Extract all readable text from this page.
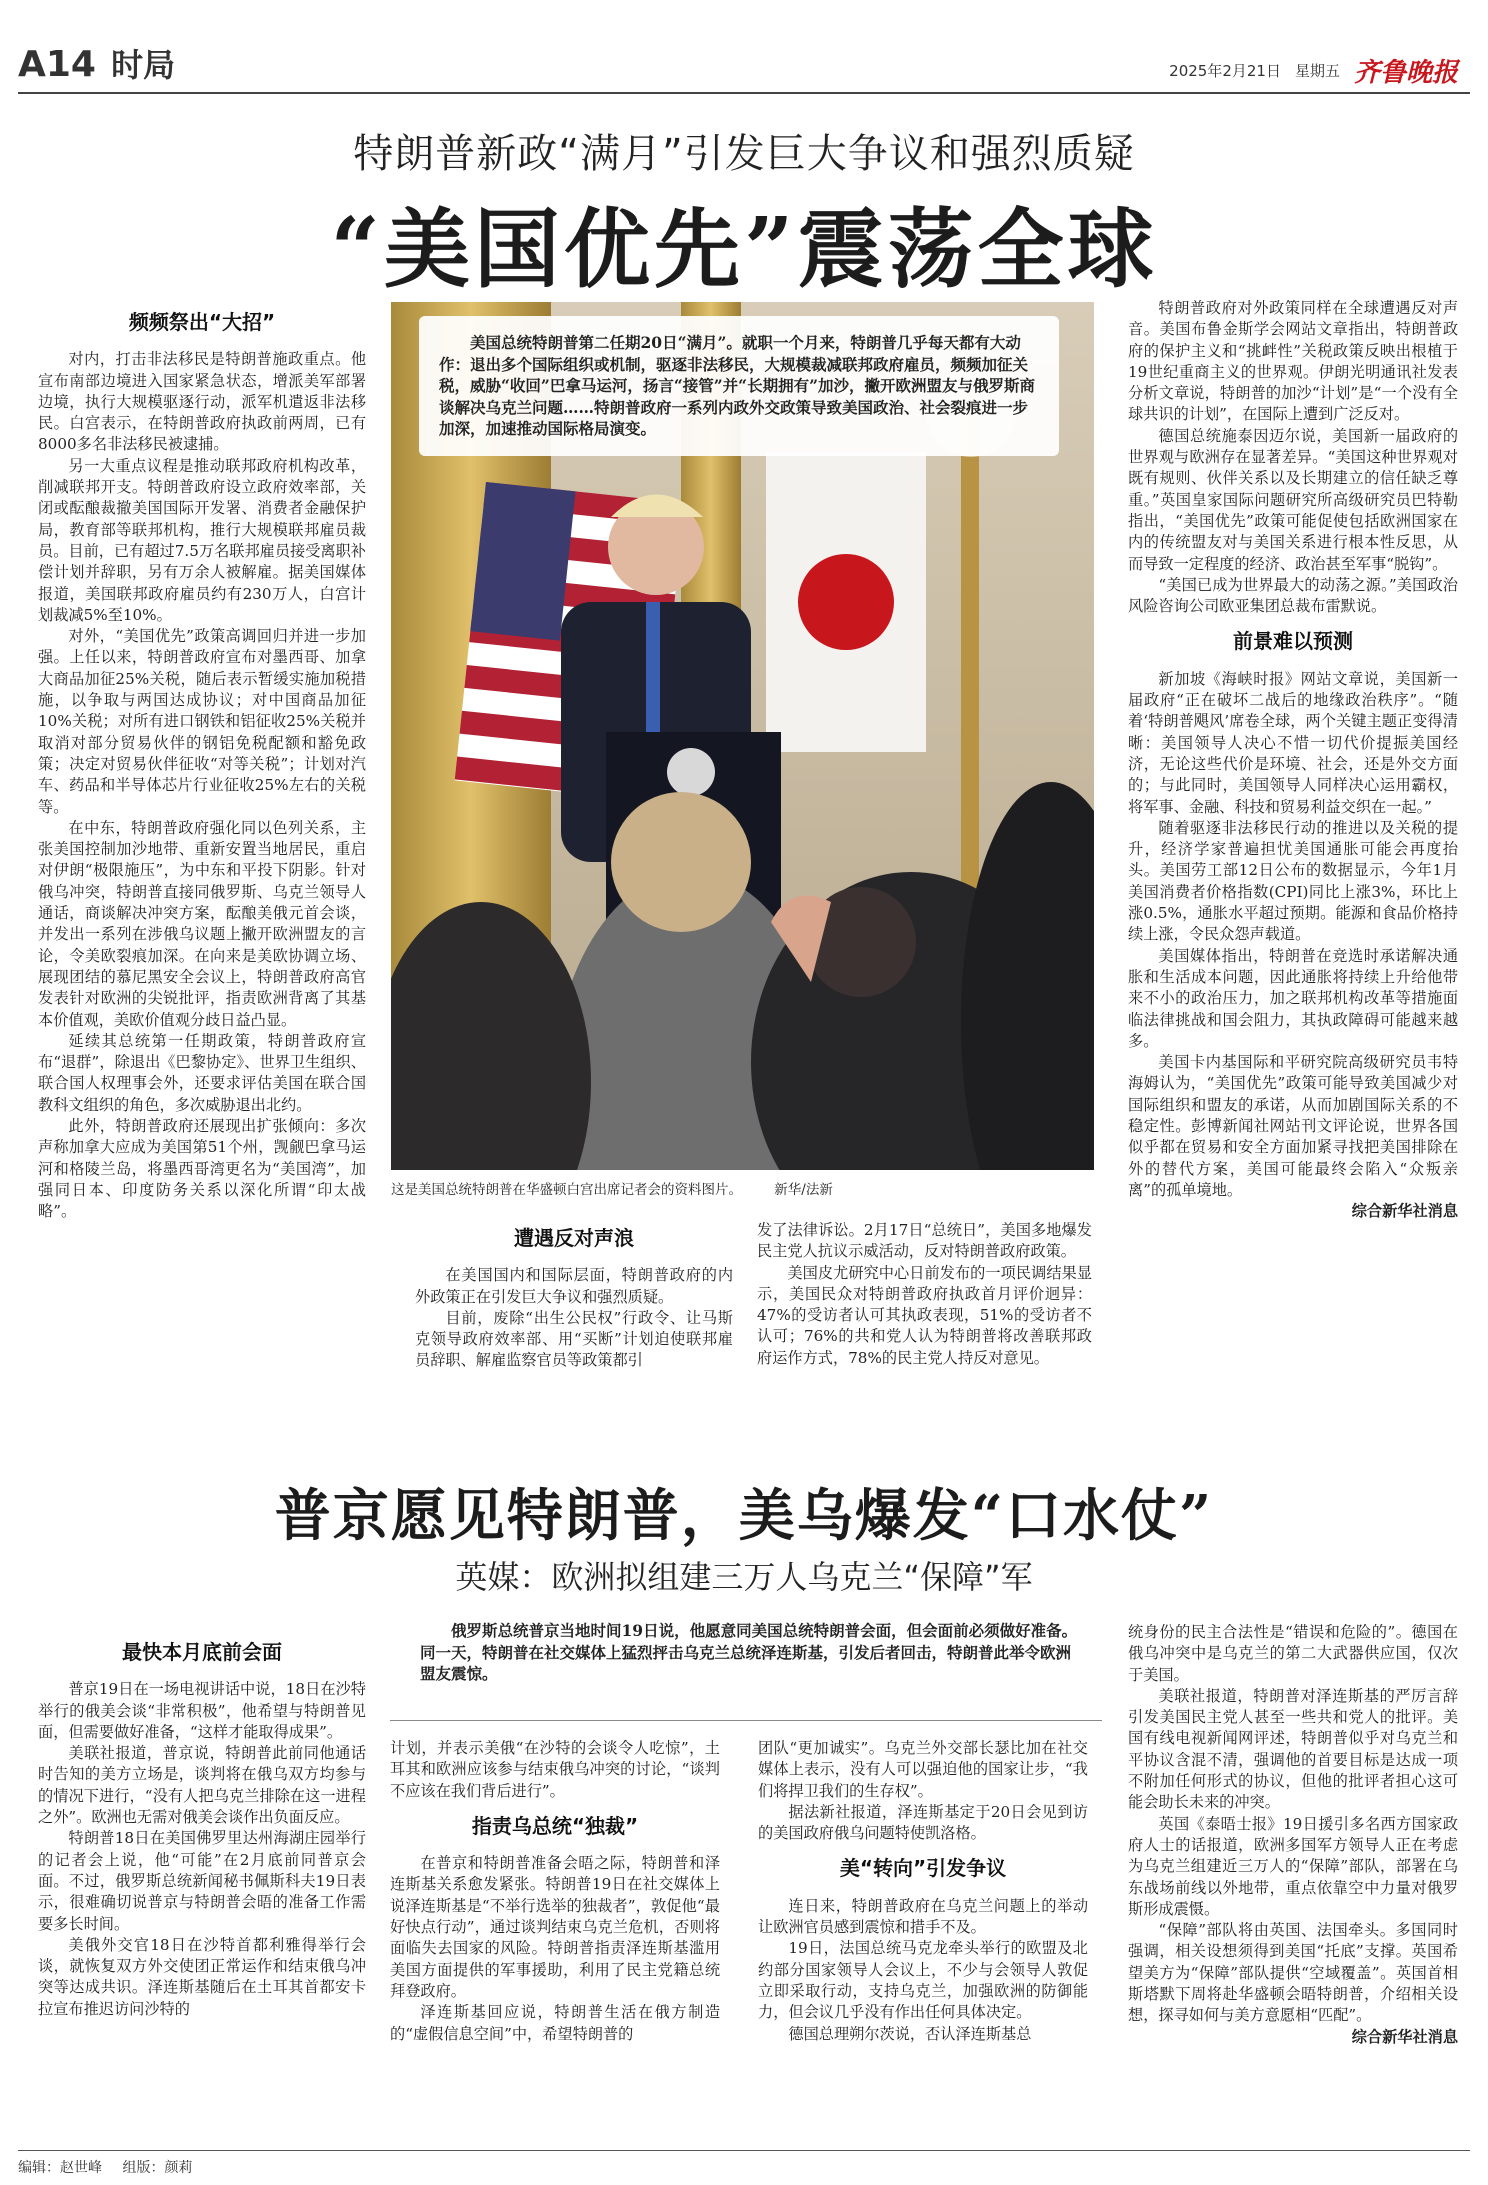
A14 时局	2025年2月21日 星期五 齐鲁晚报
特朗普新政“满月”引发巨大争议和强烈质疑
“美国优先”震荡全球

频频祭出“大招”

对内，打击非法移民是特朗普施政重点。他宣布南部边境进入国家紧急状态，增派美军部署边境，执行大规模驱逐行动，派军机遣返非法移民。白宫表示，在特朗普政府执政前两周，已有8000多名非法移民被逮捕。

另一大重点议程是推动联邦政府机构改革，削减联邦开支。特朗普政府设立政府效率部，关闭或酝酿裁撤美国国际开发署、消费者金融保护局，教育部等联邦机构，推行大规模联邦雇员裁员。目前，已有超过7.5万名联邦雇员接受离职补偿计划并辞职，另有万余人被解雇。据美国媒体报道，美国联邦政府雇员约有230万人，白宫计划裁减5%至10%。

对外，“美国优先”政策高调回归并进一步加强。上任以来，特朗普政府宣布对墨西哥、加拿大商品加征25%关税，随后表示暂缓实施加税措施，以争取与两国达成协议；对中国商品加征10%关税；对所有进口钢铁和铝征收25%关税并取消对部分贸易伙伴的钢铝免税配额和豁免政策；决定对贸易伙伴征收“对等关税”；计划对汽车、药品和半导体芯片行业征收25%左右的关税等。

在中东，特朗普政府强化同以色列关系，主张美国控制加沙地带、重新安置当地居民，重启对伊朗“极限施压”，为中东和平投下阴影。针对俄乌冲突，特朗普直接同俄罗斯、乌克兰领导人通话，商谈解决冲突方案，酝酿美俄元首会谈，并发出一系列在涉俄乌议题上撇开欧洲盟友的言论，令美欧裂痕加深。在向来是美欧协调立场、展现团结的慕尼黑安全会议上，特朗普政府高官发表针对欧洲的尖锐批评，指责欧洲背离了其基本价值观，美欧价值观分歧日益凸显。

延续其总统第一任期政策，特朗普政府宣布“退群”，除退出《巴黎协定》、世界卫生组织、联合国人权理事会外，还要求评估美国在联合国教科文组织的角色，多次威胁退出北约。

此外，特朗普政府还展现出扩张倾向：多次声称加拿大应成为美国第51个州，觊觎巴拿马运河和格陵兰岛，将墨西哥湾更名为“美国湾”，加强同日本、印度防务关系以深化所谓“印太战略”。

美国总统特朗普第二任期20日“满月”。就职一个月来，特朗普几乎每天都有大动作：退出多个国际组织或机制，驱逐非法移民，大规模裁减联邦政府雇员，频频加征关税，威胁“收回”巴拿马运河，扬言“接管”并“长期拥有”加沙，撇开欧洲盟友与俄罗斯商谈解决乌克兰问题……特朗普政府一系列内政外交政策导致美国政治、社会裂痕进一步加深，加速推动国际格局演变。

这是美国总统特朗普在华盛顿白宫出席记者会的资料图片。 新华/法新

遭遇反对声浪

在美国国内和国际层面，特朗普政府的内外政策正在引发巨大争议和强烈质疑。

目前，废除“出生公民权”行政令、让马斯克领导政府效率部、用“买断”计划迫使联邦雇员辞职、解雇监察官员等政策都引

发了法律诉讼。2月17日“总统日”，美国多地爆发民主党人抗议示威活动，反对特朗普政府政策。

美国皮尤研究中心日前发布的一项民调结果显示，美国民众对特朗普政府执政首月评价迥异：47%的受访者认可其执政表现，51%的受访者不认可；76%的共和党人认为特朗普将改善联邦政府运作方式，78%的民主党人持反对意见。

特朗普政府对外政策同样在全球遭遇反对声音。美国布鲁金斯学会网站文章指出，特朗普政府的保护主义和“挑衅性”关税政策反映出根植于19世纪重商主义的世界观。伊朗光明通讯社发表分析文章说，特朗普的加沙“计划”是“一个没有全球共识的计划”，在国际上遭到广泛反对。

德国总统施泰因迈尔说，美国新一届政府的世界观与欧洲存在显著差异。“美国这种世界观对既有规则、伙伴关系以及长期建立的信任缺乏尊重。”英国皇家国际问题研究所高级研究员巴特勒指出，“美国优先”政策可能促使包括欧洲国家在内的传统盟友对与美国关系进行根本性反思，从而导致一定程度的经济、政治甚至军事“脱钩”。

“美国已成为世界最大的动荡之源。”美国政治风险咨询公司欧亚集团总裁布雷默说。

前景难以预测

新加坡《海峡时报》网站文章说，美国新一届政府“正在破坏二战后的地缘政治秩序”。“随着‘特朗普飓风’席卷全球，两个关键主题正变得清晰：美国领导人决心不惜一切代价提振美国经济，无论这些代价是环境、社会，还是外交方面的；与此同时，美国领导人同样决心运用霸权，将军事、金融、科技和贸易利益交织在一起。”

随着驱逐非法移民行动的推进以及关税的提升，经济学家普遍担忧美国通胀可能会再度抬头。美国劳工部12日公布的数据显示，今年1月美国消费者价格指数(CPI)同比上涨3%，环比上涨0.5%，通胀水平超过预期。能源和食品价格持续上涨，令民众怨声载道。

美国媒体指出，特朗普在竞选时承诺解决通胀和生活成本问题，因此通胀将持续上升给他带来不小的政治压力，加之联邦机构改革等措施面临法律挑战和国会阻力，其执政障碍可能越来越多。

美国卡内基国际和平研究院高级研究员韦特海姆认为，“美国优先”政策可能导致美国减少对国际组织和盟友的承诺，从而加剧国际关系的不稳定性。彭博新闻社网站刊文评论说，世界各国似乎都在贸易和安全方面加紧寻找把美国排除在外的替代方案，美国可能最终会陷入“众叛亲离”的孤单境地。

综合新华社消息

普京愿见特朗普，美乌爆发“口水仗”
英媒：欧洲拟组建三万人乌克兰“保障”军

俄罗斯总统普京当地时间19日说，他愿意同美国总统特朗普会面，但会面前必须做好准备。同一天，特朗普在社交媒体上猛烈抨击乌克兰总统泽连斯基，引发后者回击，特朗普此举令欧洲盟友震惊。

最快本月底前会面

普京19日在一场电视讲话中说，18日在沙特举行的俄美会谈“非常积极”，他希望与特朗普见面，但需要做好准备，“这样才能取得成果”。

美联社报道，普京说，特朗普此前同他通话时告知的美方立场是，谈判将在俄乌双方均参与的情况下进行，“没有人把乌克兰排除在这一进程之外”。欧洲也无需对俄美会谈作出负面反应。

特朗普18日在美国佛罗里达州海湖庄园举行的记者会上说，他“可能”在2月底前同普京会面。不过，俄罗斯总统新闻秘书佩斯科夫19日表示，很难确切说普京与特朗普会晤的准备工作需要多长时间。

美俄外交官18日在沙特首都利雅得举行会谈，就恢复双方外交使团正常运作和结束俄乌冲突等达成共识。泽连斯基随后在土耳其首都安卡拉宣布推迟访问沙特的

计划，并表示美俄“在沙特的会谈令人吃惊”，土耳其和欧洲应该参与结束俄乌冲突的讨论，“谈判不应该在我们背后进行”。

指责乌总统“独裁”

在普京和特朗普准备会晤之际，特朗普和泽连斯基关系愈发紧张。特朗普19日在社交媒体上说泽连斯基是“不举行选举的独裁者”，敦促他“最好快点行动”，通过谈判结束乌克兰危机，否则将面临失去国家的风险。特朗普指责泽连斯基滥用美国方面提供的军事援助，利用了民主党籍总统拜登政府。

泽连斯基回应说，特朗普生活在俄方制造的“虚假信息空间”中，希望特朗普的

团队“更加诚实”。乌克兰外交部长瑟比加在社交媒体上表示，没有人可以强迫他的国家让步，“我们将捍卫我们的生存权”。

据法新社报道，泽连斯基定于20日会见到访的美国政府俄乌问题特使凯洛格。

美“转向”引发争议

连日来，特朗普政府在乌克兰问题上的举动让欧洲官员感到震惊和措手不及。

19日，法国总统马克龙牵头举行的欧盟及北约部分国家领导人会议上，不少与会领导人敦促立即采取行动，支持乌克兰，加强欧洲的防御能力，但会议几乎没有作出任何具体决定。

德国总理朔尔茨说，否认泽连斯基总

统身份的民主合法性是“错误和危险的”。德国在俄乌冲突中是乌克兰的第二大武器供应国，仅次于美国。

美联社报道，特朗普对泽连斯基的严厉言辞引发美国民主党人甚至一些共和党人的批评。美国有线电视新闻网评述，特朗普似乎对乌克兰和平协议含混不清，强调他的首要目标是达成一项不附加任何形式的协议，但他的批评者担心这可能会助长未来的冲突。

英国《泰晤士报》19日援引多名西方国家政府人士的话报道，欧洲多国军方领导人正在考虑为乌克兰组建近三万人的“保障”部队，部署在乌东战场前线以外地带，重点依靠空中力量对俄罗斯形成震慑。

“保障”部队将由英国、法国牵头。多国同时强调，相关设想须得到美国“托底”支撑。英国希望美方为“保障”部队提供“空域覆盖”。英国首相斯塔默下周将赴华盛顿会晤特朗普，介绍相关设想，探寻如何与美方意愿相“匹配”。

综合新华社消息

编辑：赵世峰 组版：颜莉
